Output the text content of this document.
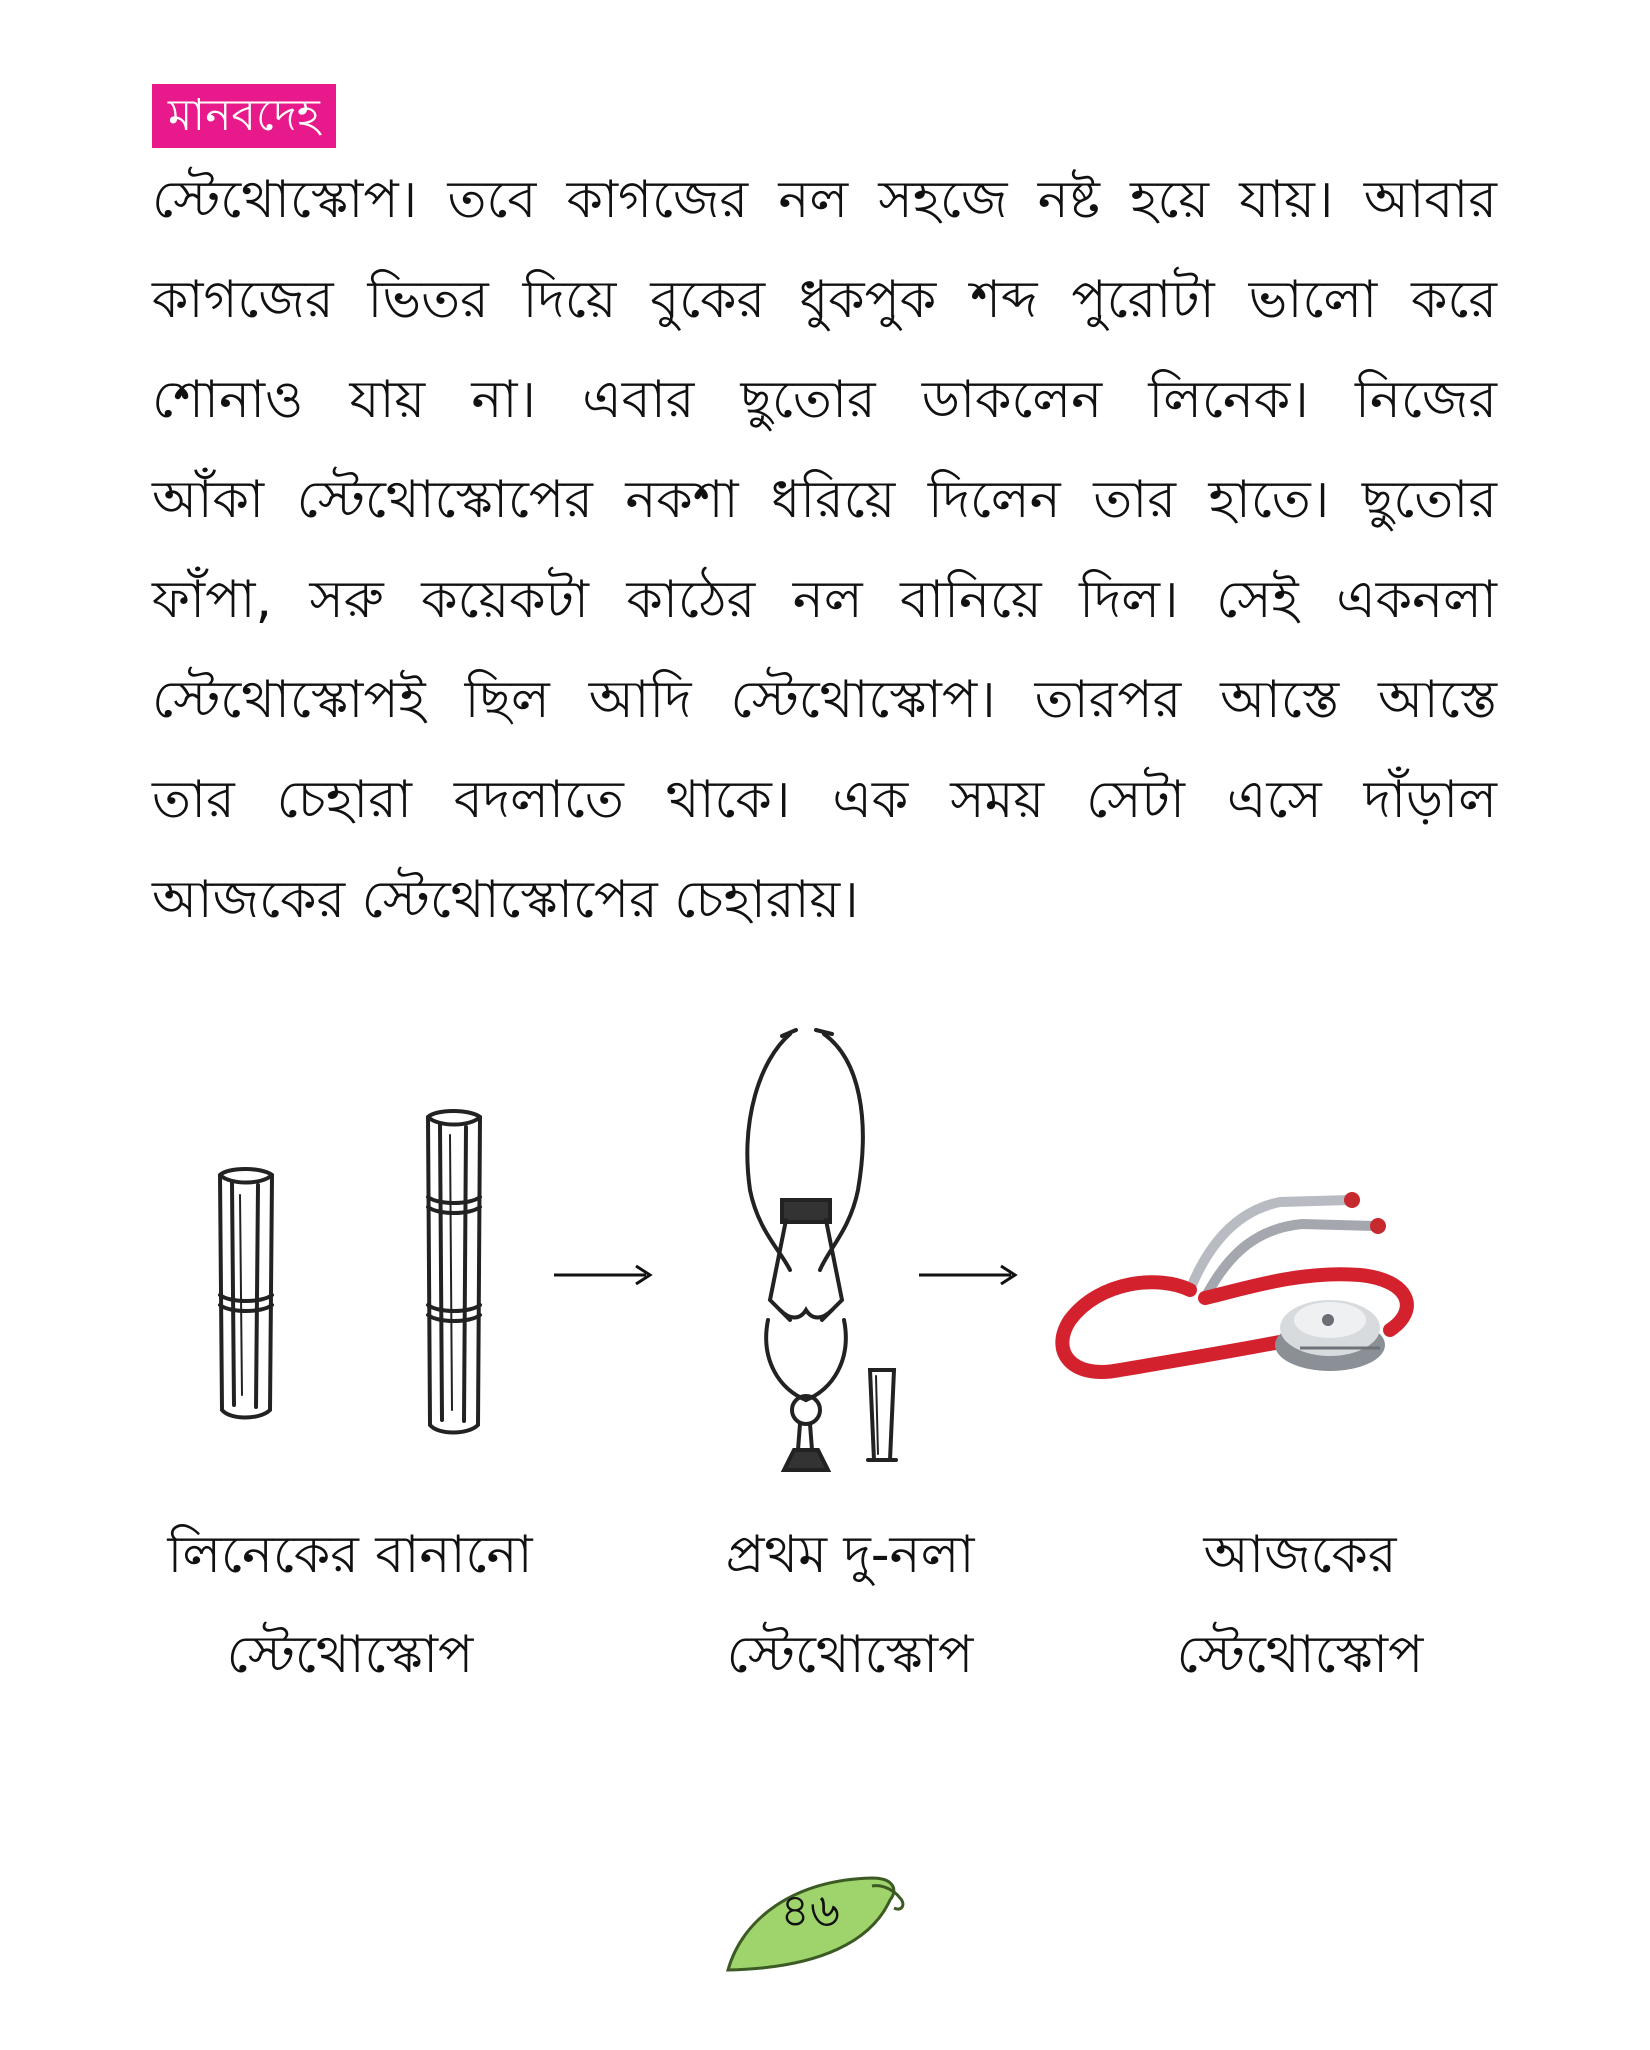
মানবদেহ
স্টেথোস্কোপ। তবে কাগজের নল সহজে নষ্ট হয়ে যায়। আবার
কাগজের ভিতর দিয়ে বুকের ধুকপুক শব্দ পুরোটা ভালো করে
শোনাও যায় না। এবার ছুতোর ডাকলেন লিনেক। নিজের
আঁকা স্টেথোস্কোপের নকশা ধরিয়ে দিলেন তার হাতে। ছুতোর
ফাঁপা, সরু কয়েকটা কাঠের নল বানিয়ে দিল। সেই একনলা
স্টেথোস্কোপই ছিল আদি স্টেথোস্কোপ। তারপর আস্তে আস্তে
তার চেহারা বদলাতে থাকে। এক সময় সেটা এসে দাঁড়াল
আজকের স্টেথোস্কোপের চেহারায়।
লিনেকের বানানো
স্টেথোস্কোপ
প্রথম দু-নলা
স্টেথোস্কোপ
আজকের
স্টেথোস্কোপ
৪৬
